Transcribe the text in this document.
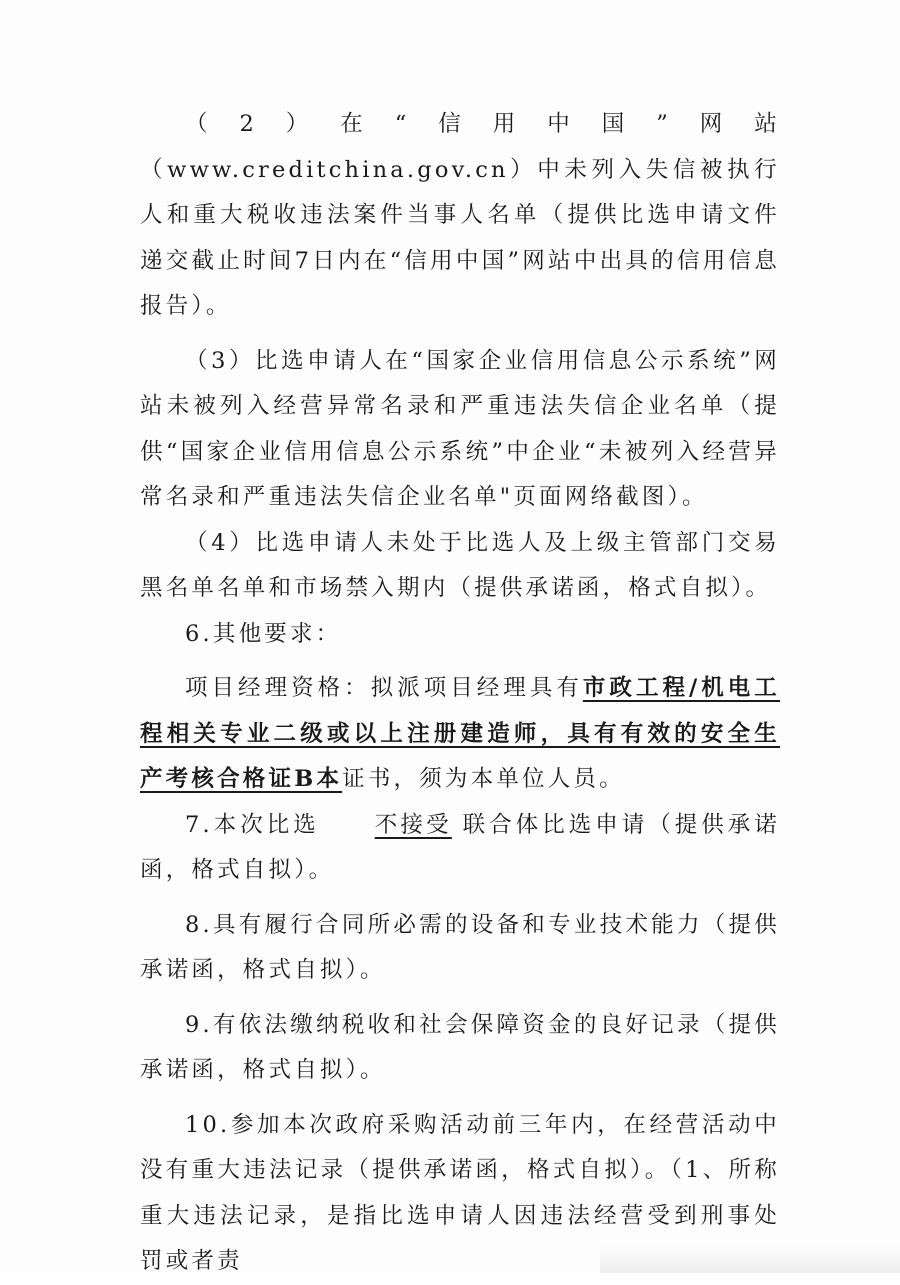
（2）在“信用中国”网站（www.creditchina.gov.cn）中未列入失信被执行人和重大税收违法案件当事人名单（提供比选申请文件递交截止时间7日内在“信用中国”网站中出具的信用信息报告）。

（3）比选申请人在“国家企业信用信息公示系统”网站未被列入经营异常名录和严重违法失信企业名单（提供“国家企业信用信息公示系统”中企业“未被列入经营异常名录和严重违法失信企业名单"页面网络截图）。

（4）比选申请人未处于比选人及上级主管部门交易黑名单名单和市场禁入期内（提供承诺函，格式自拟）。

6.其他要求：

项目经理资格：拟派项目经理具有市政工程/机电工程相关专业二级或以上注册建造师，具有有效的安全生产考核合格证B本证书，须为本单位人员。

7.本次比选 不接受 联合体比选申请（提供承诺函，格式自拟）。

8.具有履行合同所必需的设备和专业技术能力（提供承诺函，格式自拟）。

9.有依法缴纳税收和社会保障资金的良好记录（提供承诺函，格式自拟）。

10.参加本次政府采购活动前三年内，在经营活动中没有重大违法记录（提供承诺函，格式自拟）。（1、所称重大违法记录，是指比选申请人因违法经营受到刑事处罚或者责
